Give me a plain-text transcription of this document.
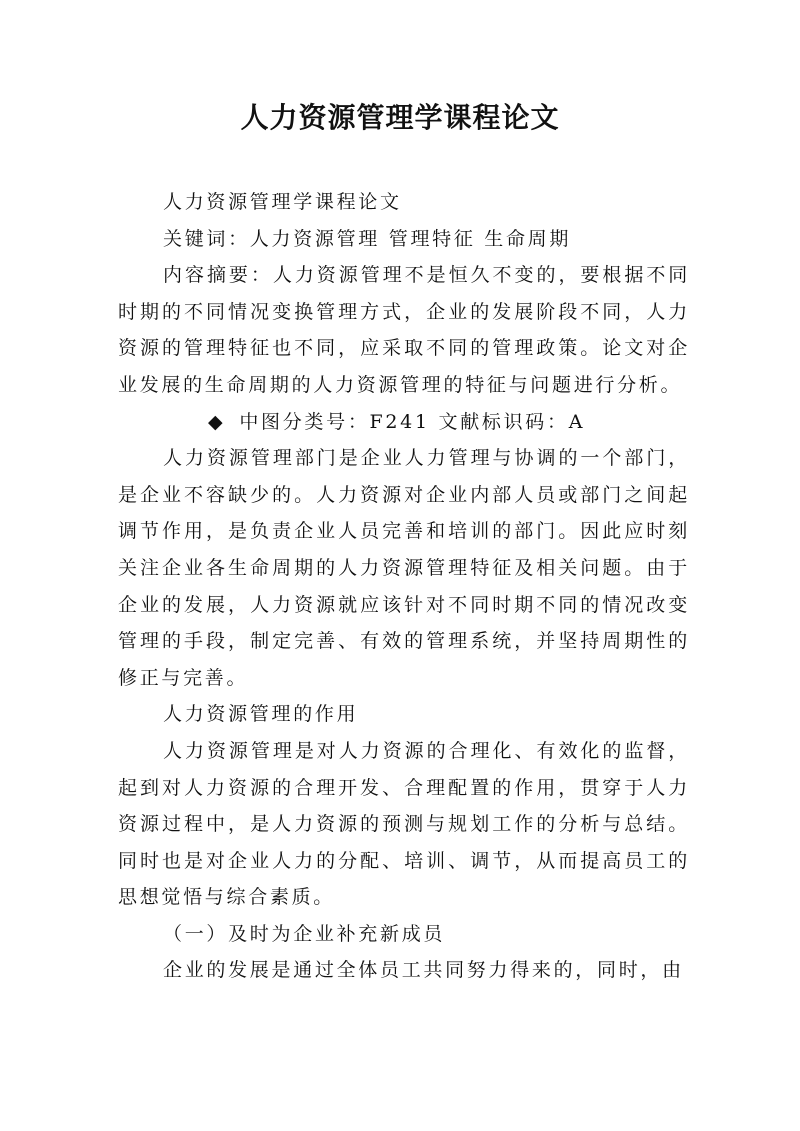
人力资源管理学课程论文

人力资源管理学课程论文

关键词：人力资源管理 管理特征 生命周期

内容摘要：人力资源管理不是恒久不变的，要根据不同时期的不同情况变换管理方式，企业的发展阶段不同，人力资源的管理特征也不同，应采取不同的管理政策。论文对企业发展的生命周期的人力资源管理的特征与问题进行分析。

◆ 中图分类号：F241 文献标识码：A

人力资源管理部门是企业人力管理与协调的一个部门，是企业不容缺少的。人力资源对企业内部人员或部门之间起调节作用，是负责企业人员完善和培训的部门。因此应时刻关注企业各生命周期的人力资源管理特征及相关问题。由于企业的发展，人力资源就应该针对不同时期不同的情况改变管理的手段，制定完善、有效的管理系统，并坚持周期性的修正与完善。

人力资源管理的作用

人力资源管理是对人力资源的合理化、有效化的监督，起到对人力资源的合理开发、合理配置的作用，贯穿于人力资源过程中，是人力资源的预测与规划工作的分析与总结。同时也是对企业人力的分配、培训、调节，从而提高员工的思想觉悟与综合素质。

（一）及时为企业补充新成员

企业的发展是通过全体员工共同努力得来的，同时，由
